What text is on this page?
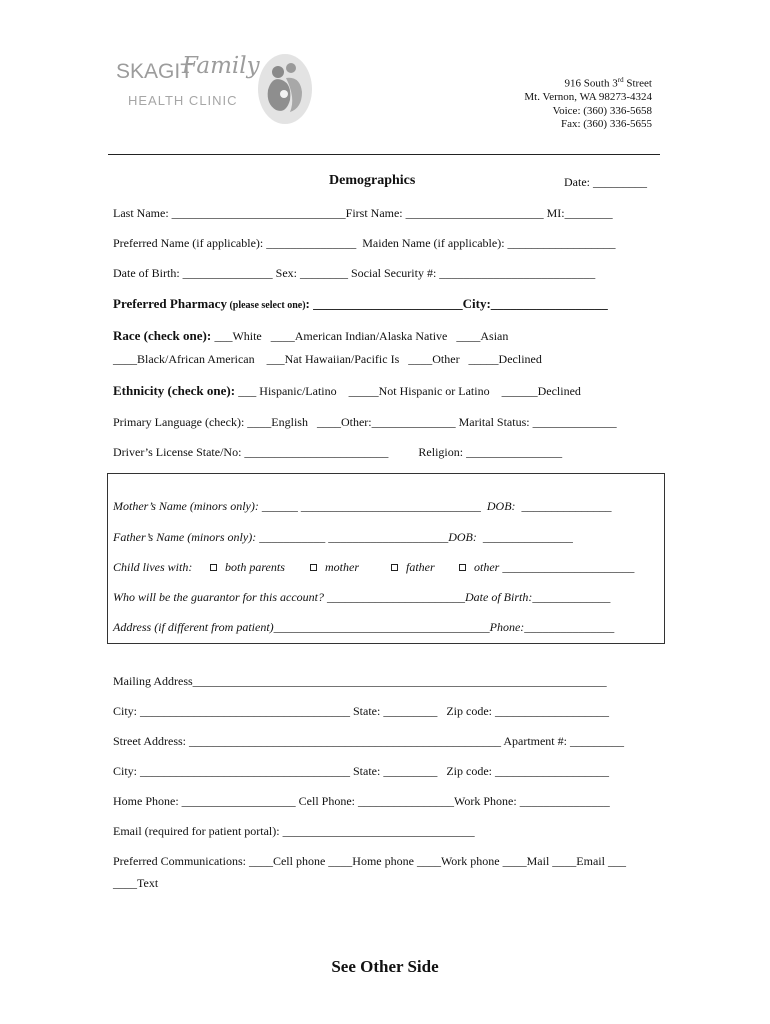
SKAGIT
Family
HEALTH CLINIC
916 South 3rd Street
Mt. Vernon, WA 98273-4324
Voice: (360) 336-5658
Fax: (360) 336-5655
Demographics	Date: _________
Last Name: _____________________________First Name: _______________________ MI:________
Preferred Name (if applicable): _______________  Maiden Name (if applicable): __________________
Date of Birth: _______________ Sex: ________ Social Security #: __________________________
Preferred Pharmacy (please select one): _______________________City:__________________
Race (check one): ___White   ____American Indian/Alaska Native   ____Asian
____Black/African American    ___Nat Hawaiian/Pacific Is   ____Other   _____Declined
Ethnicity (check one): ___ Hispanic/Latino    _____Not Hispanic or Latino    ______Declined
Primary Language (check): ____English   ____Other:______________ Marital Status: ______________
Driver’s License State/No: ________________________          Religion: ________________
Mother’s Name (minors only): ______ ______________________________  DOB:  _______________
Father’s Name (minors only): ___________ ____________________DOB:  _______________
Child lives with:	both parents	mother	father	other ______________________
Who will be the guarantor for this account? _______________________Date of Birth:_____________
Address (if different from patient)____________________________________Phone:_______________
Mailing Address_____________________________________________________________________
City: ___________________________________ State: _________   Zip code: ___________________
Street Address: ____________________________________________________ Apartment #: _________
City: ___________________________________ State: _________   Zip code: ___________________
Home Phone: ___________________ Cell Phone: ________________Work Phone: _______________
Email (required for patient portal): ________________________________
Preferred Communications: ____Cell phone ____Home phone ____Work phone ____Mail ____Email ___
____Text
See Other Side
